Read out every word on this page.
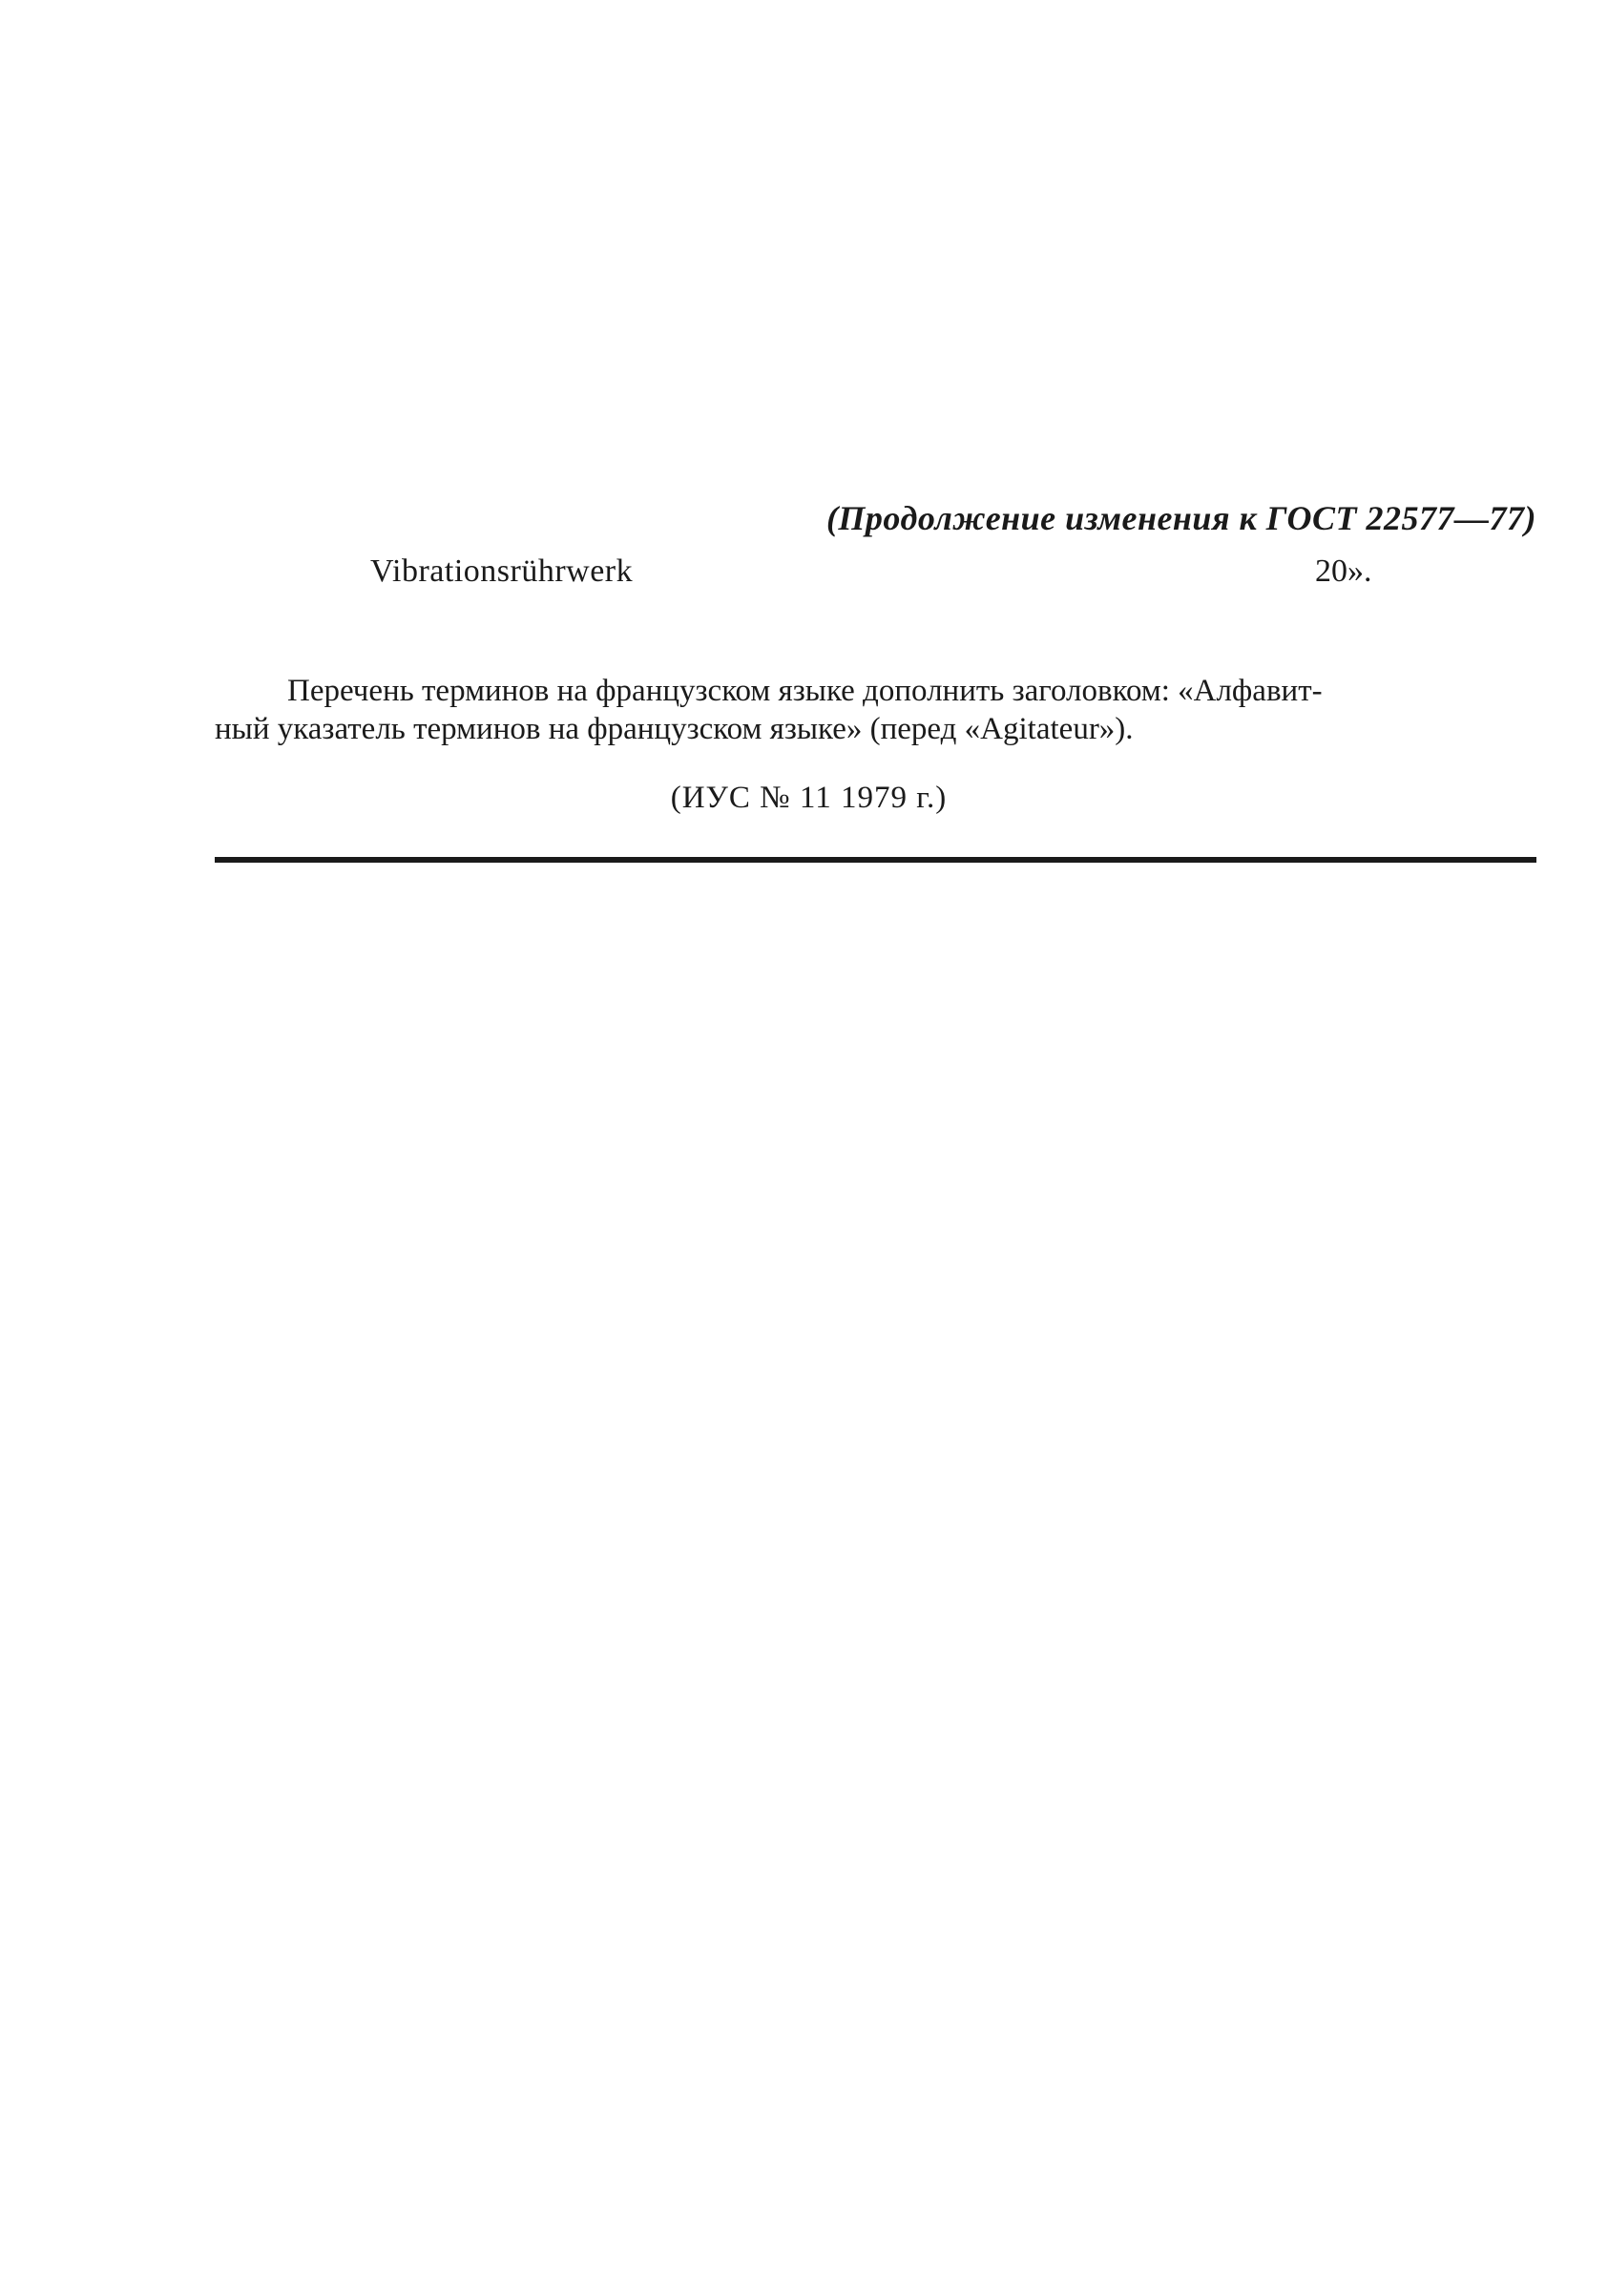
(Продолжение изменения к ГОСТ 22577—77)
Vibrationsrührwerk	20».
Перечень терминов на французском языке дополнить заголовком: «Алфавит-
ный указатель терминов на французском языке» (перед «Agitateur»).
(ИУС № 11 1979 г.)
